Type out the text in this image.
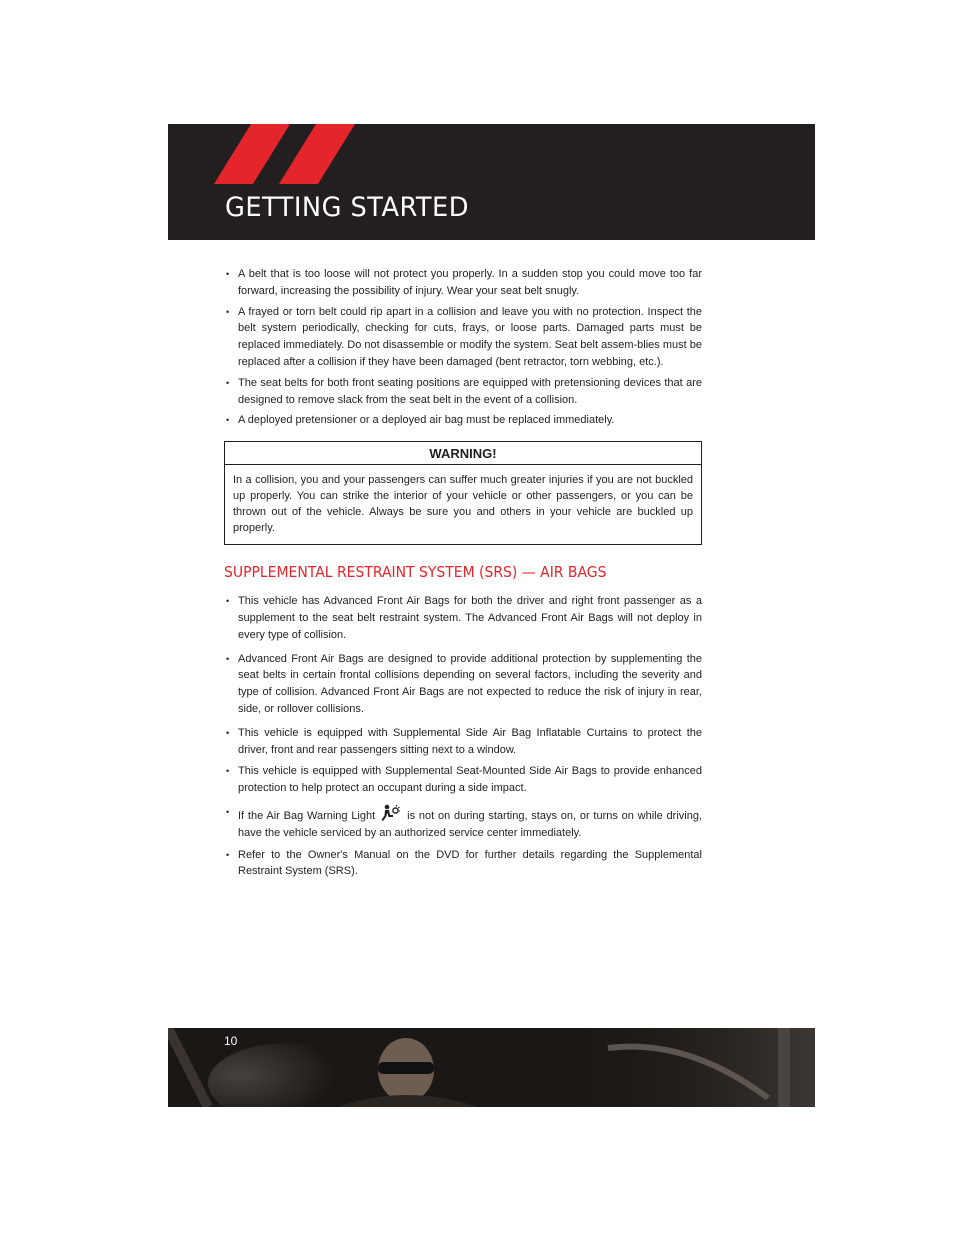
GETTING STARTED
• A belt that is too loose will not protect you properly. In a sudden stop you could move too far forward, increasing the possibility of injury. Wear your seat belt snugly.
• A frayed or torn belt could rip apart in a collision and leave you with no protection. Inspect the belt system periodically, checking for cuts, frays, or loose parts. Damaged parts must be replaced immediately. Do not disassemble or modify the system. Seat belt assem-blies must be replaced after a collision if they have been damaged (bent retractor, torn webbing, etc.).
• The seat belts for both front seating positions are equipped with pretensioning devices that are designed to remove slack from the seat belt in the event of a collision.
• A deployed pretensioner or a deployed air bag must be replaced immediately.
WARNING!
In a collision, you and your passengers can suffer much greater injuries if you are not buckled up properly. You can strike the interior of your vehicle or other passengers, or you can be thrown out of the vehicle. Always be sure you and others in your vehicle are buckled up properly.
SUPPLEMENTAL RESTRAINT SYSTEM (SRS) — AIR BAGS
• This vehicle has Advanced Front Air Bags for both the driver and right front passenger as a supplement to the seat belt restraint system. The Advanced Front Air Bags will not deploy in every type of collision.
• Advanced Front Air Bags are designed to provide additional protection by supplementing the seat belts in certain frontal collisions depending on several factors, including the severity and type of collision. Advanced Front Air Bags are not expected to reduce the risk of injury in rear, side, or rollover collisions.
• This vehicle is equipped with Supplemental Side Air Bag Inflatable Curtains to protect the driver, front and rear passengers sitting next to a window.
• This vehicle is equipped with Supplemental Seat-Mounted Side Air Bags to provide enhanced protection to help protect an occupant during a side impact.
• If the Air Bag Warning Light	is not on during starting, stays on, or turns on while driving, have the vehicle serviced by an authorized service center immediately.
• Refer to the Owner's Manual on the DVD for further details regarding the Supplemental Restraint System (SRS).
10
